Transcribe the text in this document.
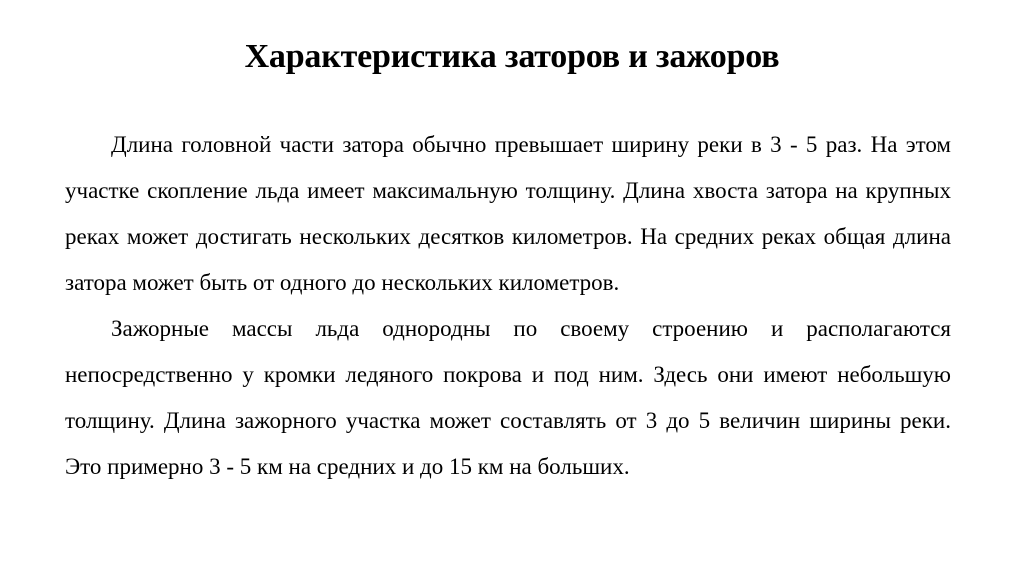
Характеристика заторов и зажоров

Длина головной части затора обычно превышает ширину реки в 3 - 5 раз. На этом участке скопление льда имеет максимальную толщину. Длина хвоста затора на крупных реках может достигать нескольких десятков километров. На средних реках общая длина затора может быть от одного до нескольких километров.

Зажорные массы льда однородны по своему строению и располагаются непосредственно у кромки ледяного покрова и под ним. Здесь они имеют небольшую толщину. Длина зажорного участка может составлять от 3 до 5 величин ширины реки. Это примерно 3 - 5 км на средних и до 15 км на больших.
